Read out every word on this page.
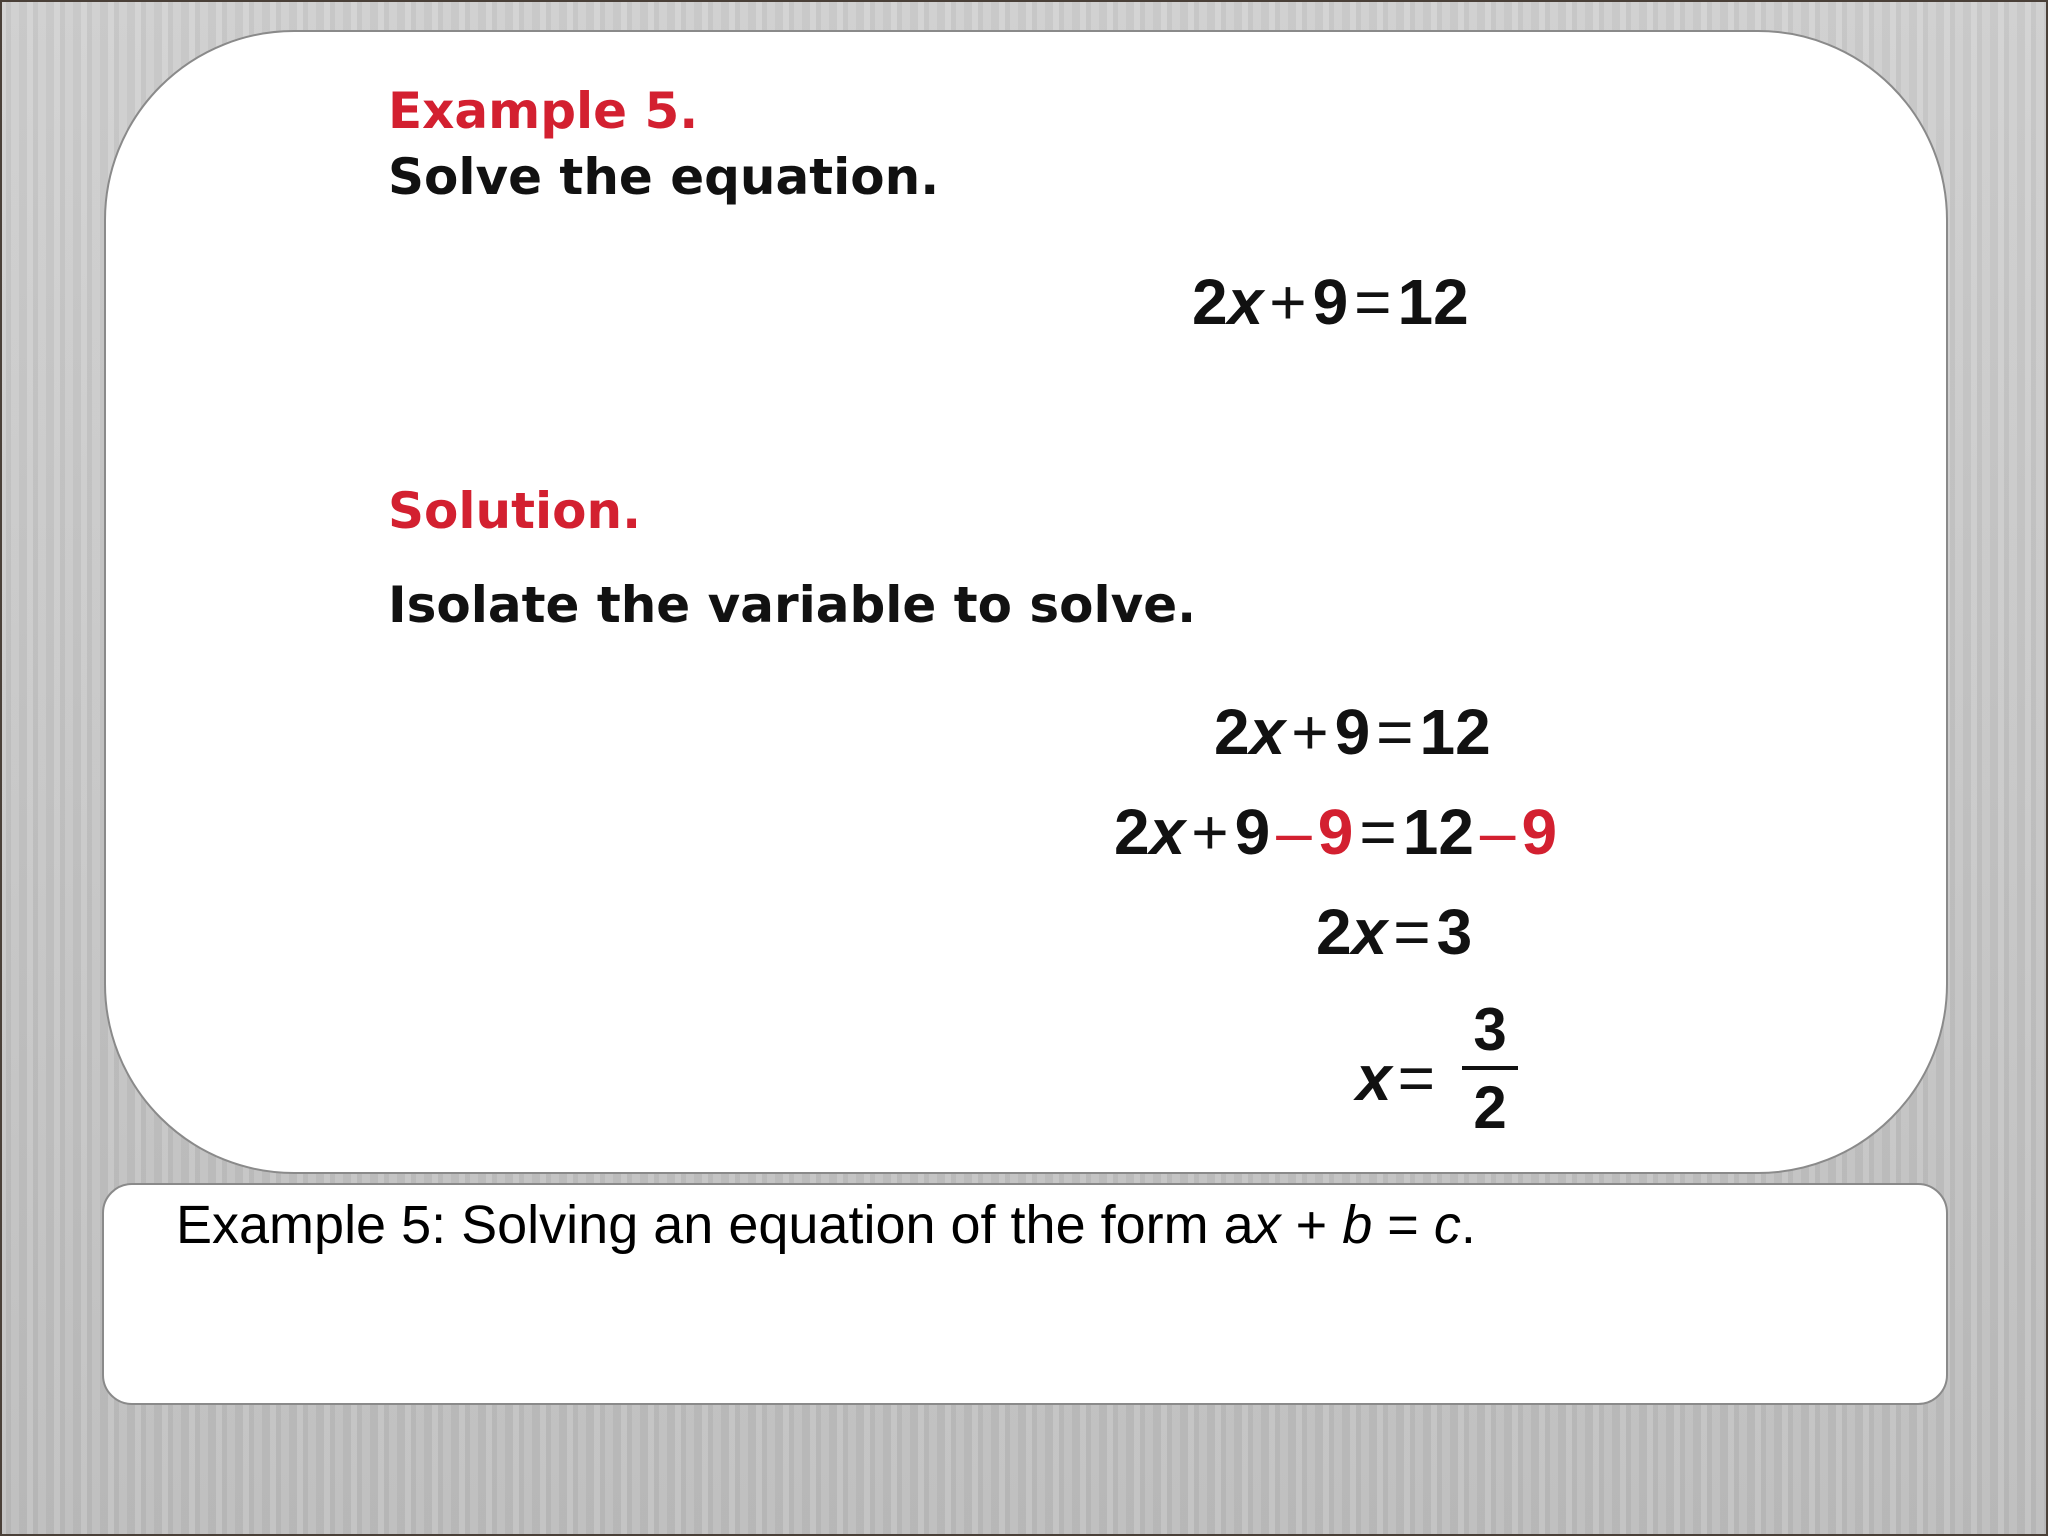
Example 5.
Solve the equation.
2x+9=12
Solution.
Isolate the variable to solve.
2x+9=12
2x+9–9=12–9
2x=3
x=
3
2
Example 5: Solving an equation of the form ax + b = c.
